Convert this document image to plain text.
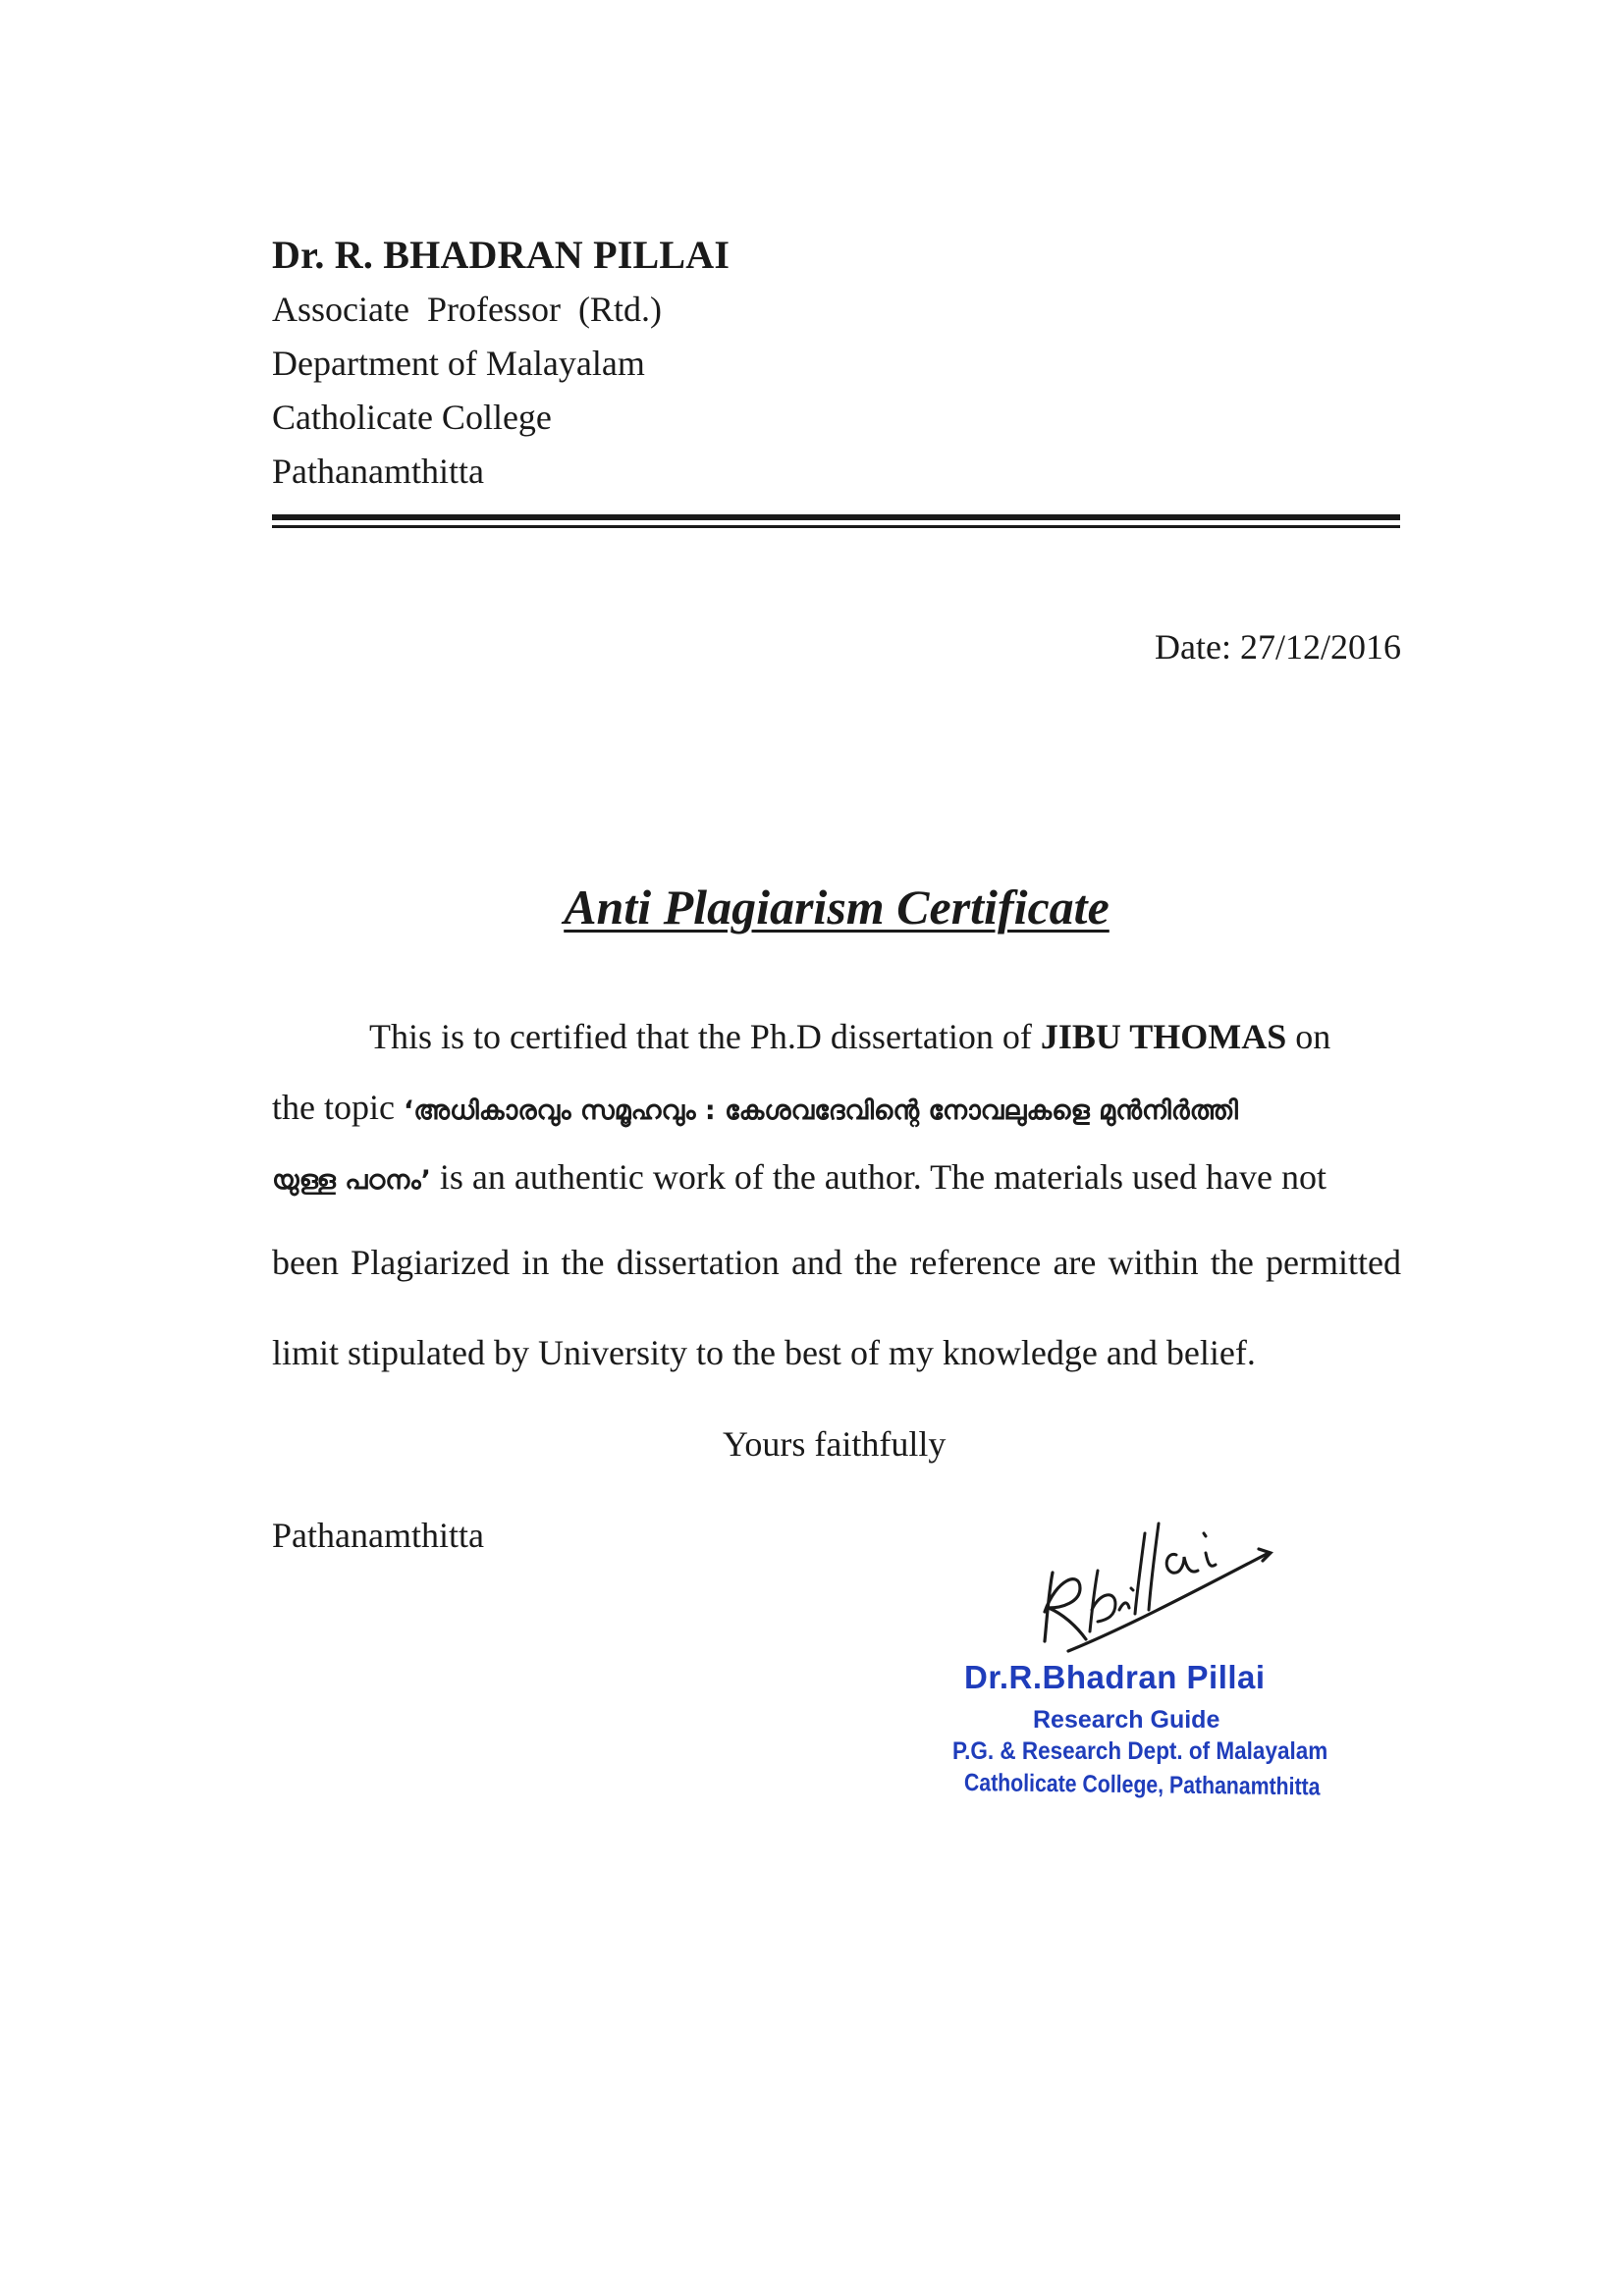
Dr. R. BHADRAN PILLAI
Associate  Professor  (Rtd.)
Department of Malayalam
Catholicate College
Pathanamthitta
Date: 27/12/2016
Anti Plagiarism Certificate
This is to certified that the Ph.D dissertation of JIBU THOMAS on
the topic ‘അധികാരവും സമൂഹവും : കേശവദേവിന്റെ നോവലുകളെ മുൻനിർത്തി
യുള്ള പഠനം’ is an authentic work of the author. The materials used have not
been Plagiarized in the dissertation and the reference are within the permitted
limit stipulated by University to the best of my knowledge and belief.
Yours faithfully
Pathanamthitta
Dr.R.Bhadran Pillai
Research Guide
P.G. & Research Dept. of Malayalam
Catholicate College, Pathanamthitta
